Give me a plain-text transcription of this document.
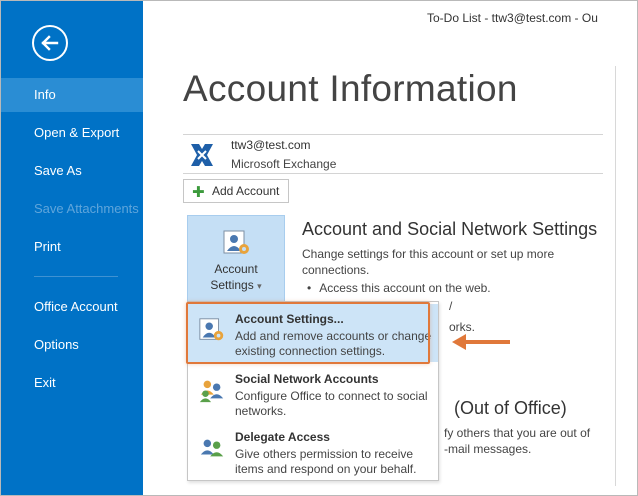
Info
Open & Export
Save As
Save Attachments
Print
Office Account
Options
Exit
To-Do List - ttw3@test.com - Ou
Account Information
ttw3@test.com
Microsoft Exchange
✚ Add Account
Account
Settings ▾
Account and Social Network Settings
Change settings for this account or set up more connections.
• Access this account on the web.
/
orks.
(Out of Office)
fy others that you are out of
-mail messages.
Account Settings...
Add and remove accounts or change existing connection settings.
Social Network Accounts
Configure Office to connect to social networks.
Delegate Access
Give others permission to receive items and respond on your behalf.
